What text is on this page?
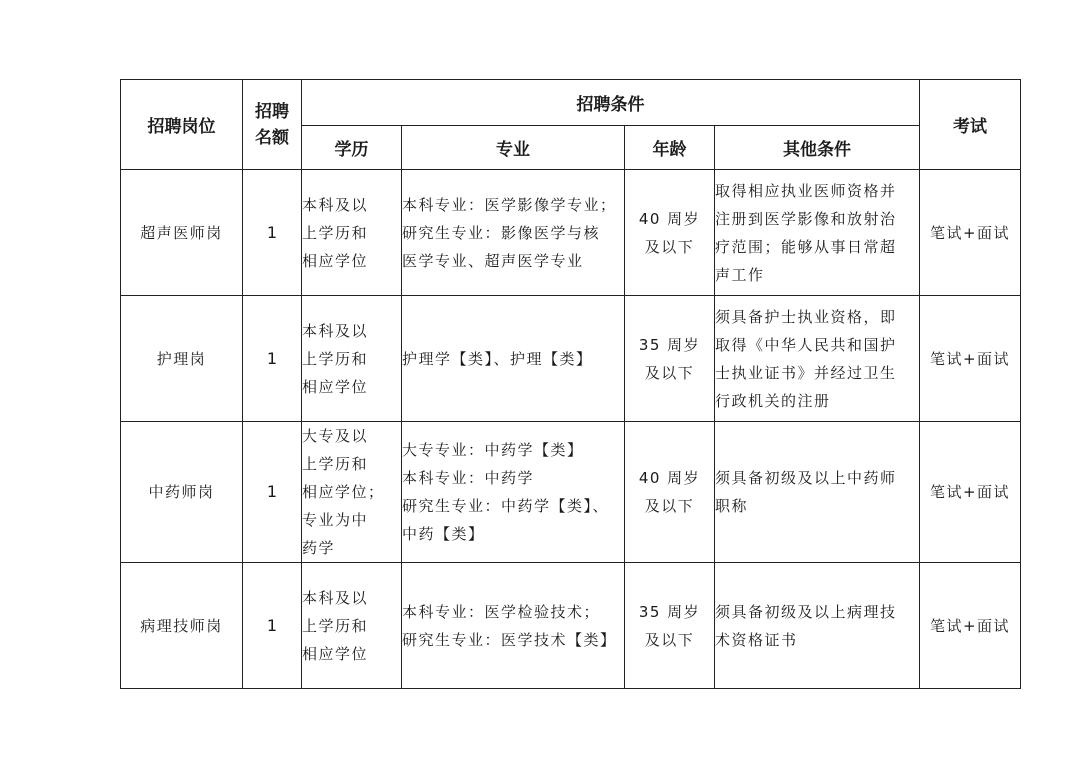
招聘岗位	招聘
名额	招聘条件				考试
		学历	专业	年龄	其他条件	
超声医师岗	1	本科及以
上学历和
相应学位	本科专业：医学影像学专业；
研究生专业：影像医学与核
医学专业、超声医学专业	40 周岁
及以下	取得相应执业医师资格并
注册到医学影像和放射治
疗范围；能够从事日常超
声工作	笔试+面试
护理岗	1	本科及以
上学历和
相应学位	护理学【类】、护理【类】	35 周岁
及以下	须具备护士执业资格，即
取得《中华人民共和国护
士执业证书》并经过卫生
行政机关的注册	笔试+面试
中药师岗	1	大专及以
上学历和
相应学位；
专业为中
药学	大专专业：中药学【类】
本科专业：中药学
研究生专业：中药学【类】、
中药【类】	40 周岁
及以下	须具备初级及以上中药师
职称	笔试+面试
病理技师岗	1	本科及以
上学历和
相应学位	本科专业：医学检验技术；
研究生专业：医学技术【类】	35 周岁
及以下	须具备初级及以上病理技
术资格证书	笔试+面试
